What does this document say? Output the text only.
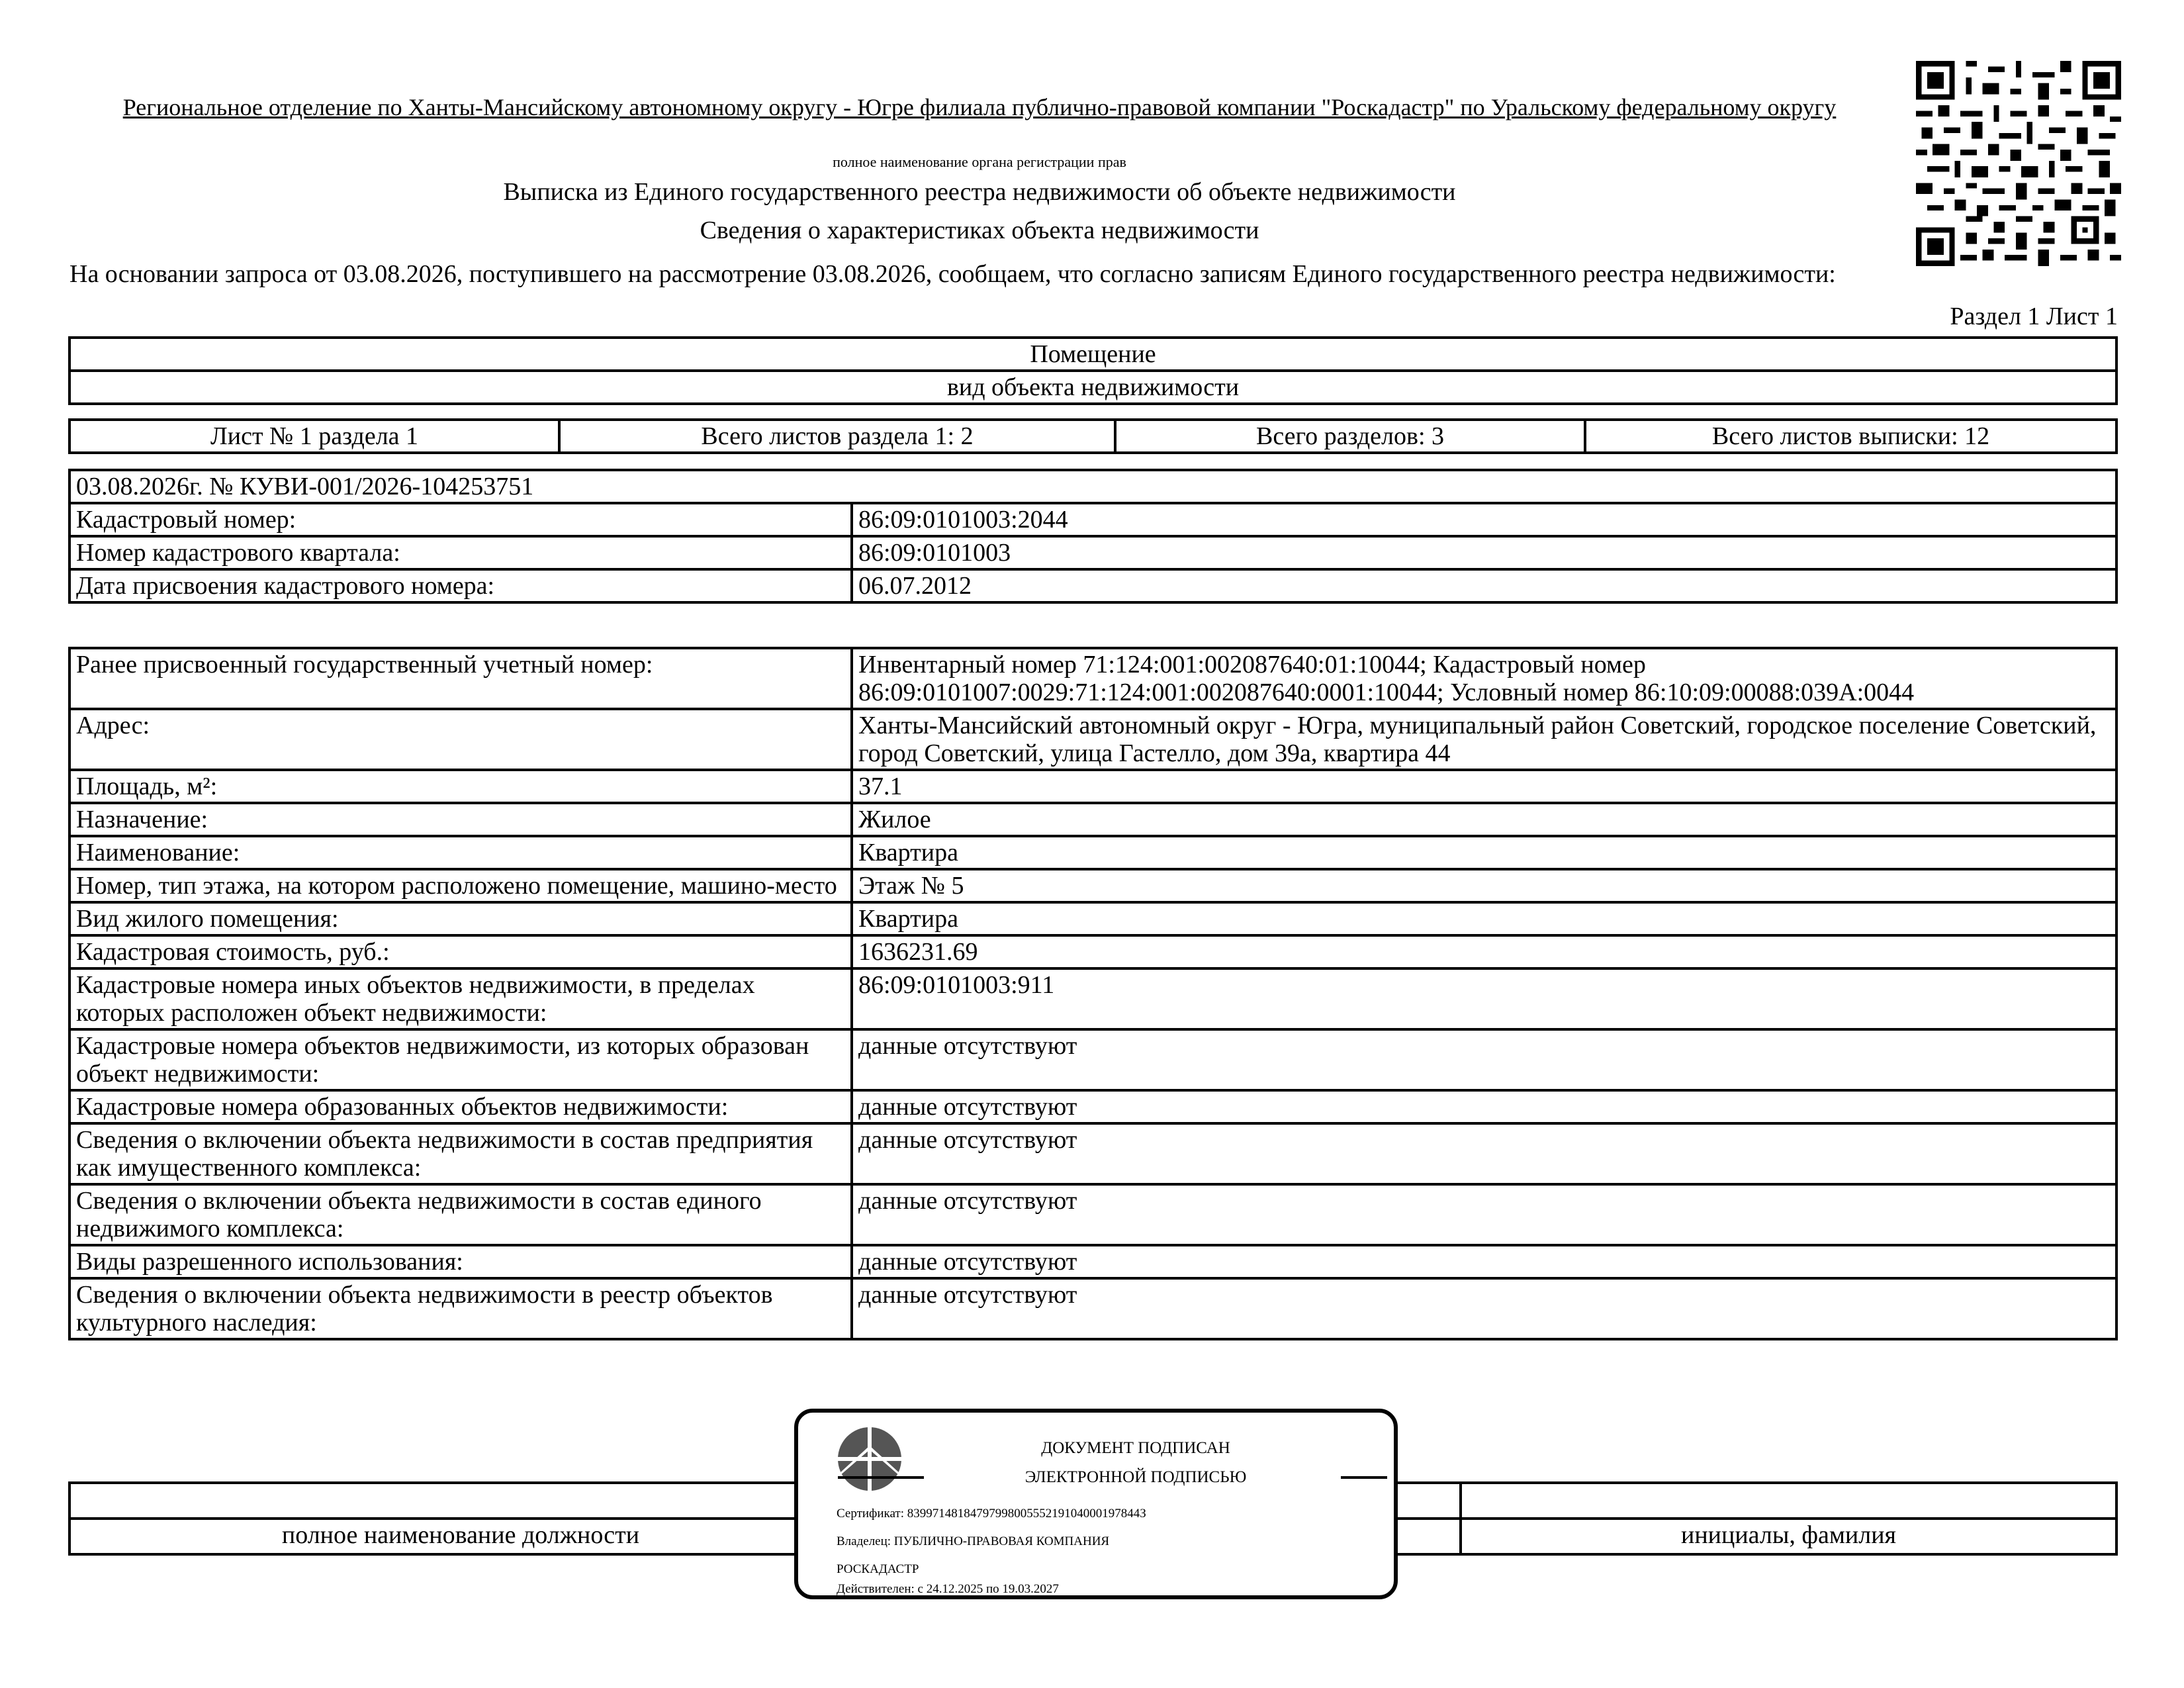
Региональное отделение по Ханты-Мансийскому автономному округу - Югре филиала публично-правовой компании "Роскадастр" по Уральскому федеральному округу
полное наименование органа регистрации прав
Выписка из Единого государственного реестра недвижимости об объекте недвижимости
Сведения о характеристиках объекта недвижимости
На основании запроса от 03.08.2026, поступившего на рассмотрение 03.08.2026, сообщаем, что согласно записям Единого государственного реестра недвижимости:
Раздел 1 Лист 1
Помещение
вид объекта недвижимости
Лист № 1 раздела 1	Всего листов раздела 1: 2	Всего разделов: 3	Всего листов выписки: 12
03.08.2026г. № КУВИ-001/2026-104253751	
Кадастровый номер:	86:09:0101003:2044
Номер кадастрового квартала:	86:09:0101003
Дата присвоения кадастрового номера:	06.07.2012
Ранее присвоенный государственный учетный номер:	Инвентарный номер 71:124:001:002087640:01:10044; Кадастровый номер 86:09:0101007:0029:71:124:001:002087640:0001:10044; Условный номер 86:10:09:00088:039А:0044
Адрес:	Ханты-Мансийский автономный округ - Югра, муниципальный район Советский, городское поселение Советский, город Советский, улица Гастелло, дом 39а, квартира 44
Площадь, м²:	37.1
Назначение:	Жилое
Наименование:	Квартира
Номер, тип этажа, на котором расположено помещение, машино-место	Этаж № 5
Вид жилого помещения:	Квартира
Кадастровая стоимость, руб.:	1636231.69
Кадастровые номера иных объектов недвижимости, в пределах которых расположен объект недвижимости:	86:09:0101003:911
Кадастровые номера объектов недвижимости, из которых образован объект недвижимости:	данные отсутствуют
Кадастровые номера образованных объектов недвижимости:	данные отсутствуют
Сведения о включении объекта недвижимости в состав предприятия как имущественного комплекса:	данные отсутствуют
Сведения о включении объекта недвижимости в состав единого недвижимого комплекса:	данные отсутствуют
Виды разрешенного использования:	данные отсутствуют
Сведения о включении объекта недвижимости в реестр объектов культурного наследия:	данные отсутствуют

полное наименование должности		инициалы, фамилия
ДОКУМЕНТ ПОДПИСАН
ЭЛЕКТРОННОЙ ПОДПИСЬЮ
Сертификат: 8399714818479799800555219104000197844З
Владелец: ПУБЛИЧНО-ПРАВОВАЯ КОМПАНИЯ
РОСКАДАСТР
Действителен: с 24.12.2025 по 19.03.2027
